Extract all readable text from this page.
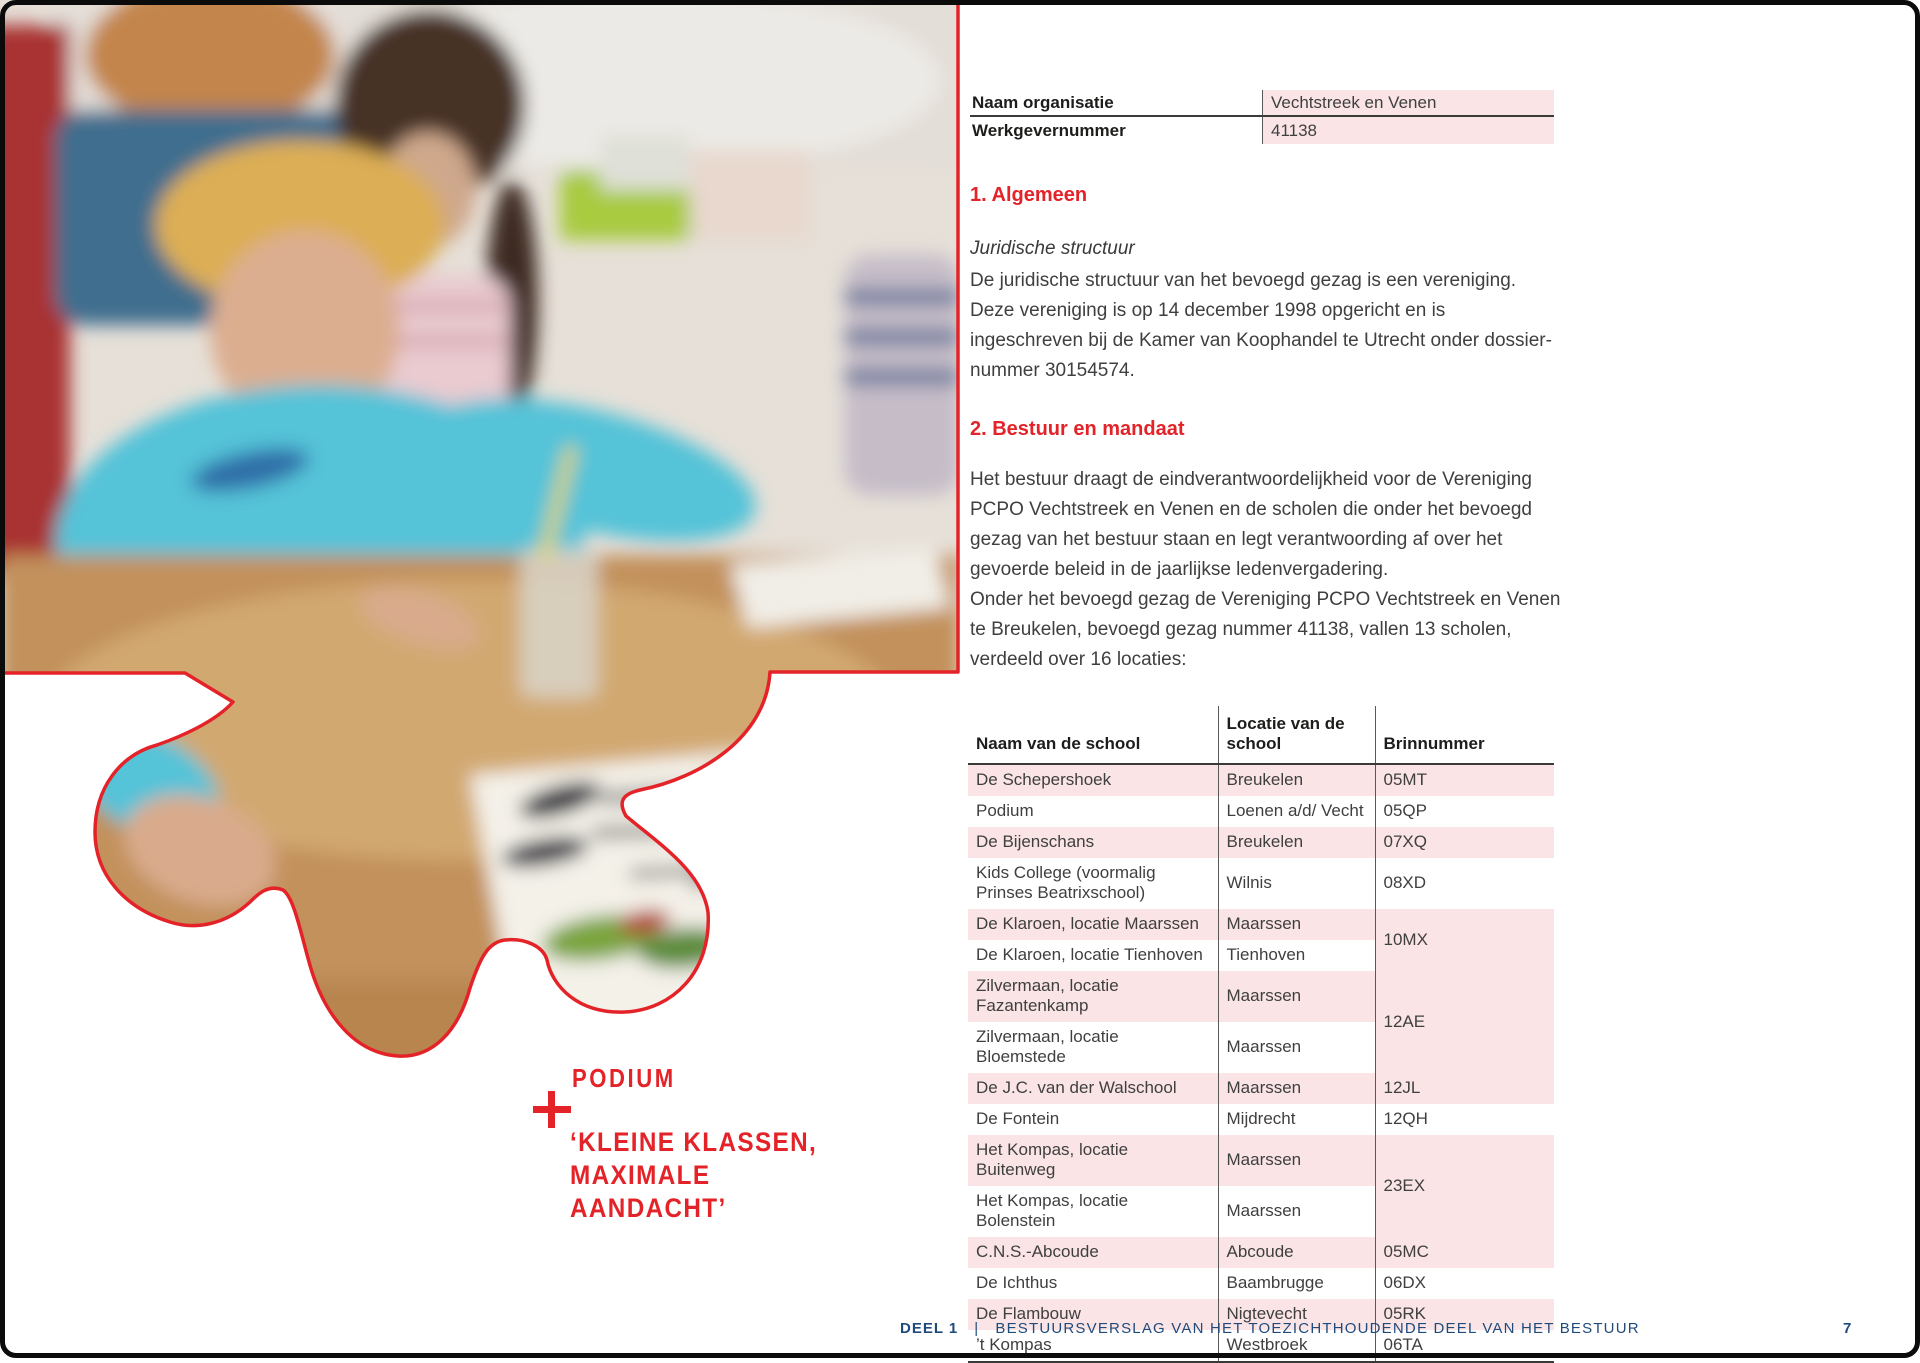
PODIUM
‘KLEINE KLASSEN,
MAXIMALE
AANDACHT’
Naam organisatie	Vechtstreek en Venen
Werkgevernummer	41138
1. Algemeen
Juridische structuur
De juridische structuur van het bevoegd gezag is een vereniging.
Deze vereniging is op 14 december 1998 opgericht en is
ingeschreven bij de Kamer van Koophandel te Utrecht onder dossier-
nummer 30154574.
2. Bestuur en mandaat
Het bestuur draagt de eindverantwoordelijkheid voor de Vereniging
PCPO Vechtstreek en Venen en de scholen die onder het bevoegd
gezag van het bestuur staan en legt verantwoording af over het
gevoerde beleid in de jaarlijkse ledenvergadering.
Onder het bevoegd gezag de Vereniging PCPO Vechtstreek en Venen
te Breukelen, bevoegd gezag nummer 41138, vallen 13 scholen,
verdeeld over 16 locaties:
Naam van de school	Locatie van de school	Brinnummer
De Schepershoek	Breukelen	05MT
Podium	Loenen a/d/ Vecht	05QP
De Bijenschans	Breukelen	07XQ
Kids College (voormalig Prinses Beatrixschool)	Wilnis	08XD
De Klaroen, locatie Maarssen	Maarssen	10MX
De Klaroen, locatie Tienhoven	Tienhoven	
Zilvermaan, locatie Fazantenkamp	Maarssen	12AE
Zilvermaan, locatie Bloemstede	Maarssen	
De J.C. van der Walschool	Maarssen	12JL
De Fontein	Mijdrecht	12QH
Het Kompas, locatie Buitenweg	Maarssen	23EX
Het Kompas, locatie Bolenstein	Maarssen	
C.N.S.-Abcoude	Abcoude	05MC
De Ichthus	Baambrugge	06DX
De Flambouw	Nigtevecht	05RK
’t Kompas	Westbroek	06TA
DEEL 1 | BESTUURSVERSLAG VAN HET TOEZICHTHOUDENDE DEEL VAN HET BESTUUR	7
